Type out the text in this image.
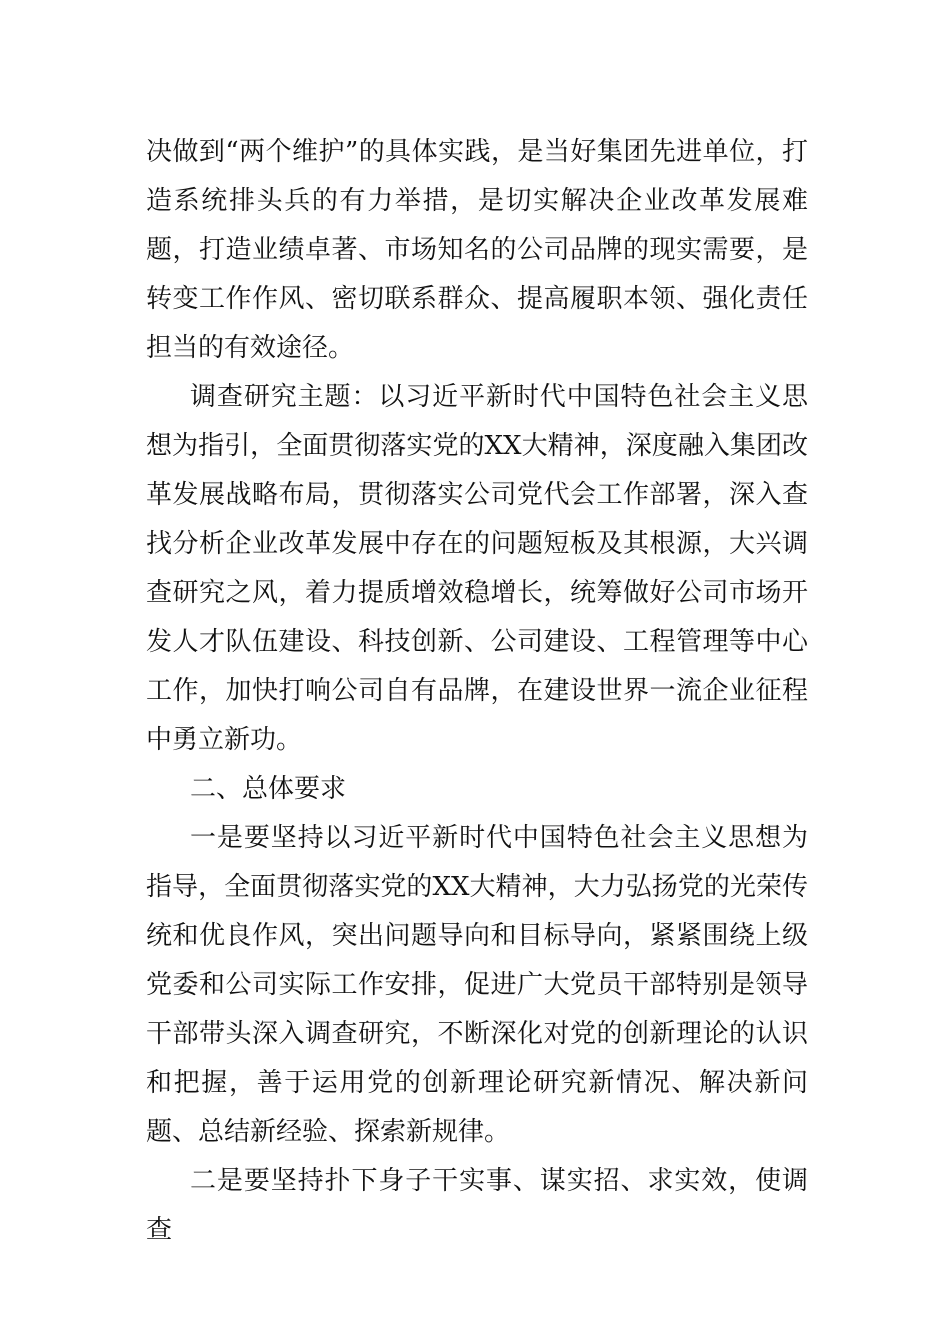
决做到“两个维护”的具体实践，是当好集团先进单位，打造系统排头兵的有力举措，是切实解决企业改革发展难题，打造业绩卓著、市场知名的公司品牌的现实需要，是转变工作作风、密切联系群众、提高履职本领、强化责任担当的有效途径。

调查研究主题：以习近平新时代中国特色社会主义思想为指引，全面贯彻落实党的XX大精神，深度融入集团改革发展战略布局，贯彻落实公司党代会工作部署，深入查找分析企业改革发展中存在的问题短板及其根源，大兴调查研究之风，着力提质增效稳增长，统筹做好公司市场开发人才队伍建设、科技创新、公司建设、工程管理等中心工作，加快打响公司自有品牌，在建设世界一流企业征程中勇立新功。

二、总体要求

一是要坚持以习近平新时代中国特色社会主义思想为指导，全面贯彻落实党的XX大精神，大力弘扬党的光荣传统和优良作风，突出问题导向和目标导向，紧紧围绕上级党委和公司实际工作安排，促进广大党员干部特别是领导干部带头深入调查研究，不断深化对党的创新理论的认识和把握，善于运用党的创新理论研究新情况、解决新问题、总结新经验、探索新规律。

二是要坚持扑下身子干实事、谋实招、求实效，使调查
